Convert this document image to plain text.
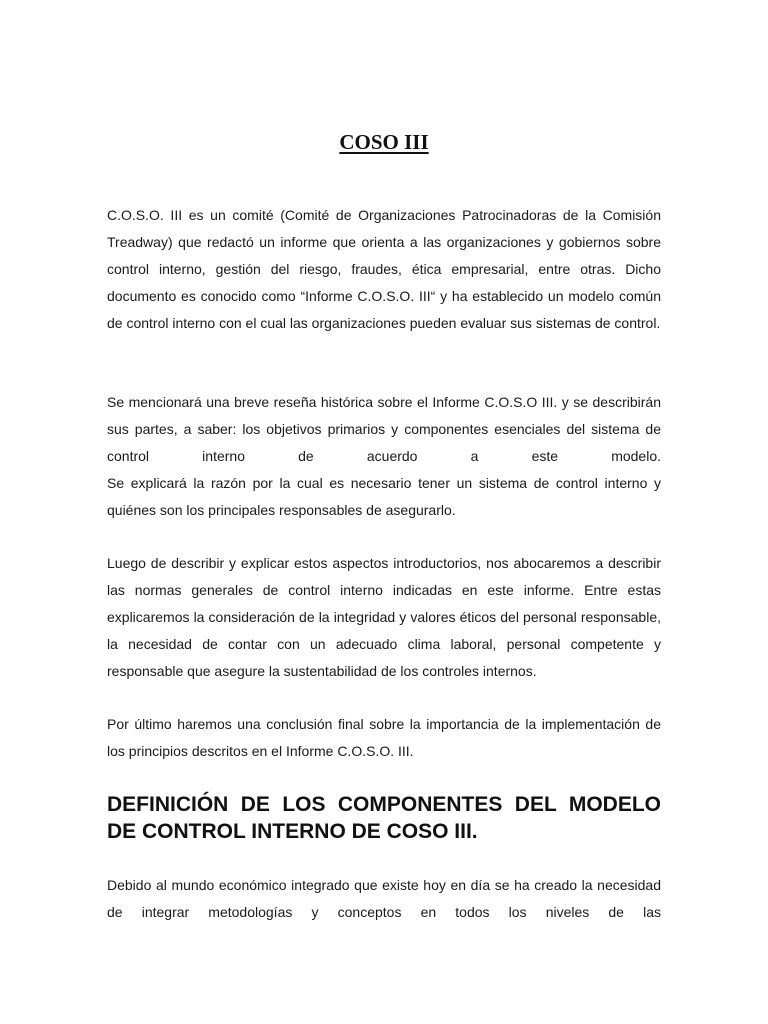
COSO III

C.O.S.O. III es un comité (Comité de Organizaciones Patrocinadoras de la Comisión Treadway) que redactó un informe que orienta a las organizaciones y gobiernos sobre control interno, gestión del riesgo, fraudes, ética empresarial, entre otras. Dicho documento es conocido como “Informe C.O.S.O. III“ y ha establecido un modelo común de control interno con el cual las organizaciones pueden evaluar sus sistemas de control.

Se mencionará una breve reseña histórica sobre el Informe C.O.S.O III. y se describirán sus partes, a saber: los objetivos primarios y componentes esenciales del sistema de control interno de acuerdo a este modelo.

Se explicará la razón por la cual es necesario tener un sistema de control interno y quiénes son los principales responsables de asegurarlo.

Luego de describir y explicar estos aspectos introductorios, nos abocaremos a describir las normas generales de control interno indicadas en este informe. Entre estas explicaremos la consideración de la integridad y valores éticos del personal responsable, la necesidad de contar con un adecuado clima laboral, personal competente y responsable que asegure la sustentabilidad de los controles internos.

Por último haremos una conclusión final sobre la importancia de la implementación de los principios descritos en el Informe C.O.S.O. III.

DEFINICIÓN DE LOS COMPONENTES DEL MODELO DE CONTROL INTERNO DE COSO III.

Debido al mundo económico integrado que existe hoy en día se ha creado la necesidad de integrar metodologías y conceptos en todos los niveles de las
